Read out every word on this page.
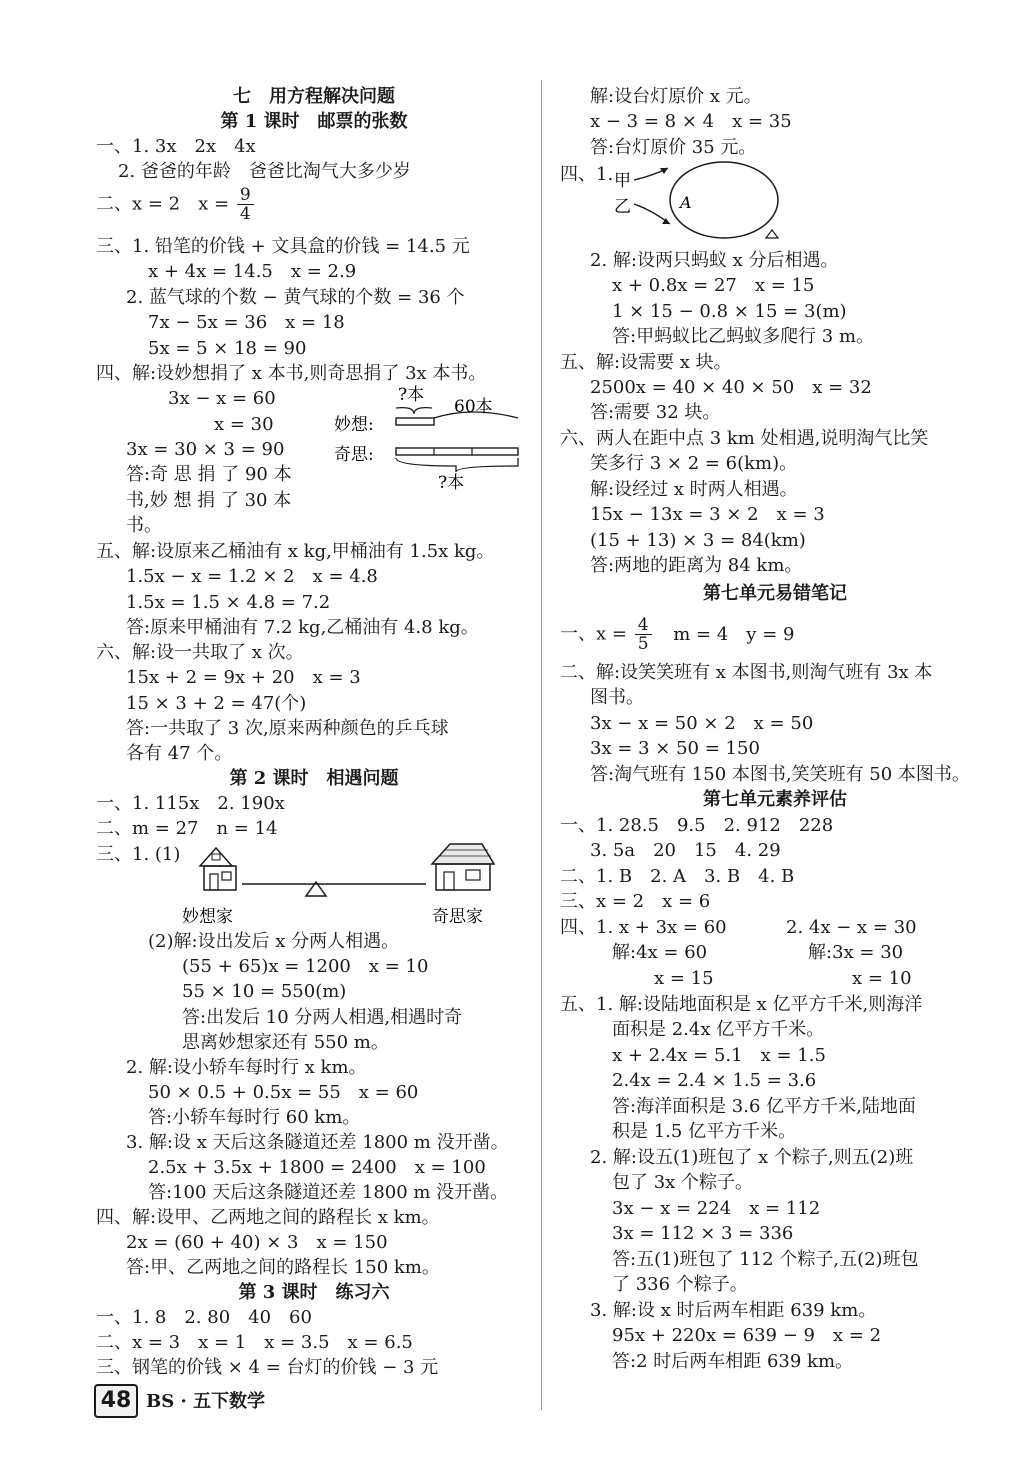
七　用方程解决问题
第 1 课时　邮票的张数
一、1. 3x　2x　4x
2. 爸爸的年龄　爸爸比淘气大多少岁
二、x = 2　$x = \frac{9}{4}$
三、1. 铅笔的价钱 + 文具盒的价钱 = 14.5 元
x + 4x = 14.5　x = 2.9
2. 蓝气球的个数 − 黄气球的个数 = 36 个
7x − 5x = 36　x = 18
5x = 5 × 18 = 90
四、解:设妙想捐了 x 本书,则奇思捐了 3x 本书。
3x − x = 60
x = 30
3x = 30 × 3 = 90
答:奇 思 捐 了 90 本
书,妙 想 捐 了 30 本
书。
?本
妙想:
60本
奇思:
?本
五、解:设原来乙桶油有 x kg,甲桶油有 1.5x kg。
1.5x − x = 1.2 × 2　x = 4.8
1.5x = 1.5 × 4.8 = 7.2
答:原来甲桶油有 7.2 kg,乙桶油有 4.8 kg。
六、解:设一共取了 x 次。
15x + 2 = 9x + 20　x = 3
15 × 3 + 2 = 47(个)
答:一共取了 3 次,原来两种颜色的乒乓球
各有 47 个。
第 2 课时　相遇问题
一、1. 115x　2. 190x
二、m = 27　n = 14
三、1. (1)
妙想家	奇思家
(2)解:设出发后 x 分两人相遇。
(55 + 65)x = 1200　x = 10
55 × 10 = 550(m)
答:出发后 10 分两人相遇,相遇时奇
思离妙想家还有 550 m。
2. 解:设小轿车每时行 x km。
50 × 0.5 + 0.5x = 55　x = 60
答:小轿车每时行 60 km。
3. 解:设 x 天后这条隧道还差 1800 m 没开凿。
2.5x + 3.5x + 1800 = 2400　x = 100
答:100 天后这条隧道还差 1800 m 没开凿。
四、解:设甲、乙两地之间的路程长 x km。
2x = (60 + 40) × 3　x = 150
答:甲、乙两地之间的路程长 150 km。
第 3 课时　练习六
一、1. 8　2. 80　40　60
二、x = 3　x = 1　x = 3.5　x = 6.5
三、钢笔的价钱 × 4 = 台灯的价钱 − 3 元
解:设台灯原价 x 元。
x − 3 = 8 × 4　x = 35
答:台灯原价 35 元。
四、1. 甲
乙	A
2. 解:设两只蚂蚁 x 分后相遇。
x + 0.8x = 27　x = 15
1 × 15 − 0.8 × 15 = 3(m)
答:甲蚂蚁比乙蚂蚁多爬行 3 m。
五、解:设需要 x 块。
2500x = 40 × 40 × 50　x = 32
答:需要 32 块。
六、两人在距中点 3 km 处相遇,说明淘气比笑
笑多行 3 × 2 = 6(km)。
解:设经过 x 时两人相遇。
15x − 13x = 3 × 2　x = 3
(15 + 13) × 3 = 84(km)
答:两地的距离为 84 km。
第七单元易错笔记
一、$x = \frac{4}{5}$ m = 4　y = 9
二、解:设笑笑班有 x 本图书,则淘气班有 3x 本
图书。
3x − x = 50 × 2　x = 50
3x = 3 × 50 = 150
答:淘气班有 150 本图书,笑笑班有 50 本图书。
第七单元素养评估
一、1. 28.5　9.5　2. 912　228
3. 5a　20　15　4. 29
二、1. B　2. A　3. B　4. B
三、x = 2　x = 6
四、1. x + 3x = 60	2. 4x − x = 30
解:4x = 60	解:3x = 30
x = 15	x = 10
五、1. 解:设陆地面积是 x 亿平方千米,则海洋
面积是 2.4x 亿平方千米。
x + 2.4x = 5.1　x = 1.5
2.4x = 2.4 × 1.5 = 3.6
答:海洋面积是 3.6 亿平方千米,陆地面
积是 1.5 亿平方千米。
2. 解:设五(1)班包了 x 个粽子,则五(2)班
包了 3x 个粽子。
3x − x = 224　x = 112
3x = 112 × 3 = 336
答:五(1)班包了 112 个粽子,五(2)班包
了 336 个粽子。
3. 解:设 x 时后两车相距 639 km。
95x + 220x = 639 − 9　x = 2
答:2 时后两车相距 639 km。
48 BS · 五下数学
